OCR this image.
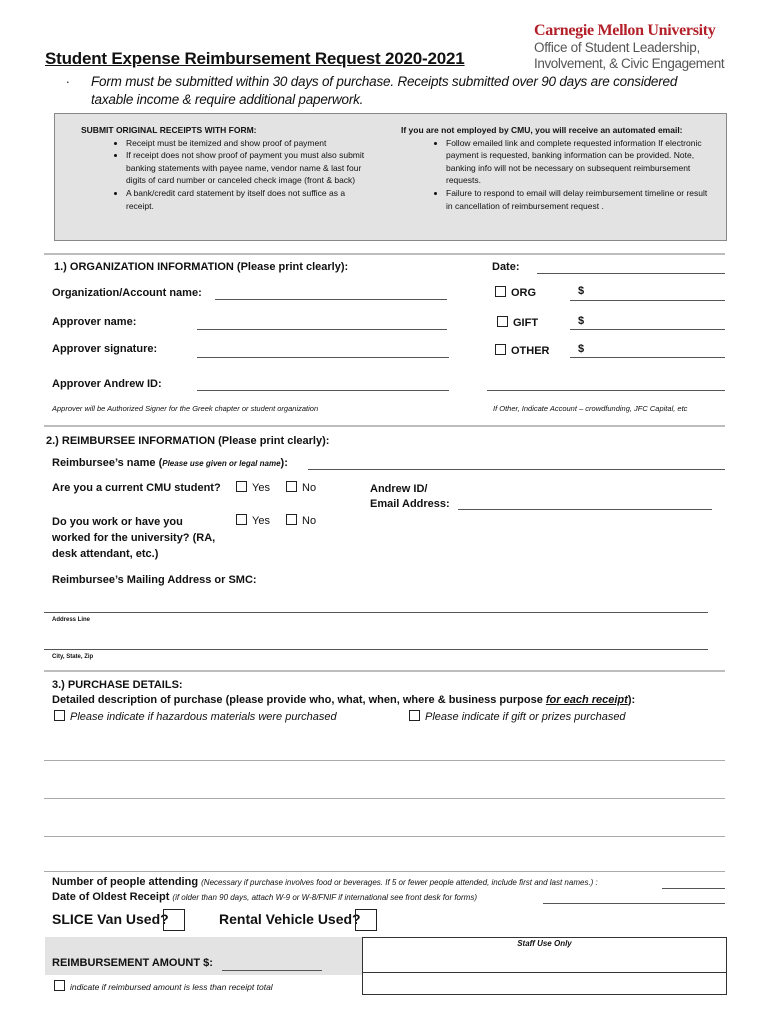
Carnegie Mellon University
Office of Student Leadership,
Involvement, & Civic Engagement
Student Expense Reimbursement Request 2020-2021
. Form must be submitted within 30 days of purchase. Receipts submitted over 90 days are considered
taxable income & require additional paperwork.
SUBMIT ORIGINAL RECEIPTS WITH FORM:
• Receipt must be itemized and show proof of payment
• If receipt does not show proof of payment you must also submit banking statements with payee name, vendor name & last four digits of card number or canceled check image (front & back)
• A bank/credit card statement by itself does not suffice as a receipt.
If you are not employed by CMU, you will receive an automated email:
• Follow emailed link and complete requested information If electronic payment is requested, banking information can be provided. Note, banking info will not be necessary on subsequent reimbursement requests.
• Failure to respond to email will delay reimbursement timeline or result in cancellation of reimbursement request .
1.) ORGANIZATION INFORMATION (Please print clearly):	Date:
Organization/Account name:
Approver name:
Approver signature:
ORG	$
GIFT	$
OTHER	$
Approver Andrew ID:
Approver will be Authorized Signer for the Greek chapter or student organization	If Other, Indicate Account – crowdfunding, JFC Capital, etc
2.) REIMBURSEE INFORMATION (Please print clearly):
Reimbursee’s name (Please use given or legal name):
Are you a current CMU student?	Yes	No	Andrew ID/
Email Address:
Do you work or have you
worked for the university? (RA,
desk attendant, etc.)
Yes	No
Reimbursee’s Mailing Address or SMC:
Address Line
City, State, Zip
3.) PURCHASE DETAILS:
Detailed description of purchase (please provide who, what, when, where & business purpose for each receipt):
Please indicate if hazardous materials were purchased	Please indicate if gift or prizes purchased
Number of people attending (Necessary if purchase involves food or beverages. If 5 or fewer people attended, include first and last names.) :
Date of Oldest Receipt (if older than 90 days, attach W-9 or W-8/FNIF if international see front desk for forms)
SLICE Van Used?	Rental Vehicle Used?
REIMBURSEMENT AMOUNT $:
Staff Use Only
indicate if reimbursed amount is less than receipt total
